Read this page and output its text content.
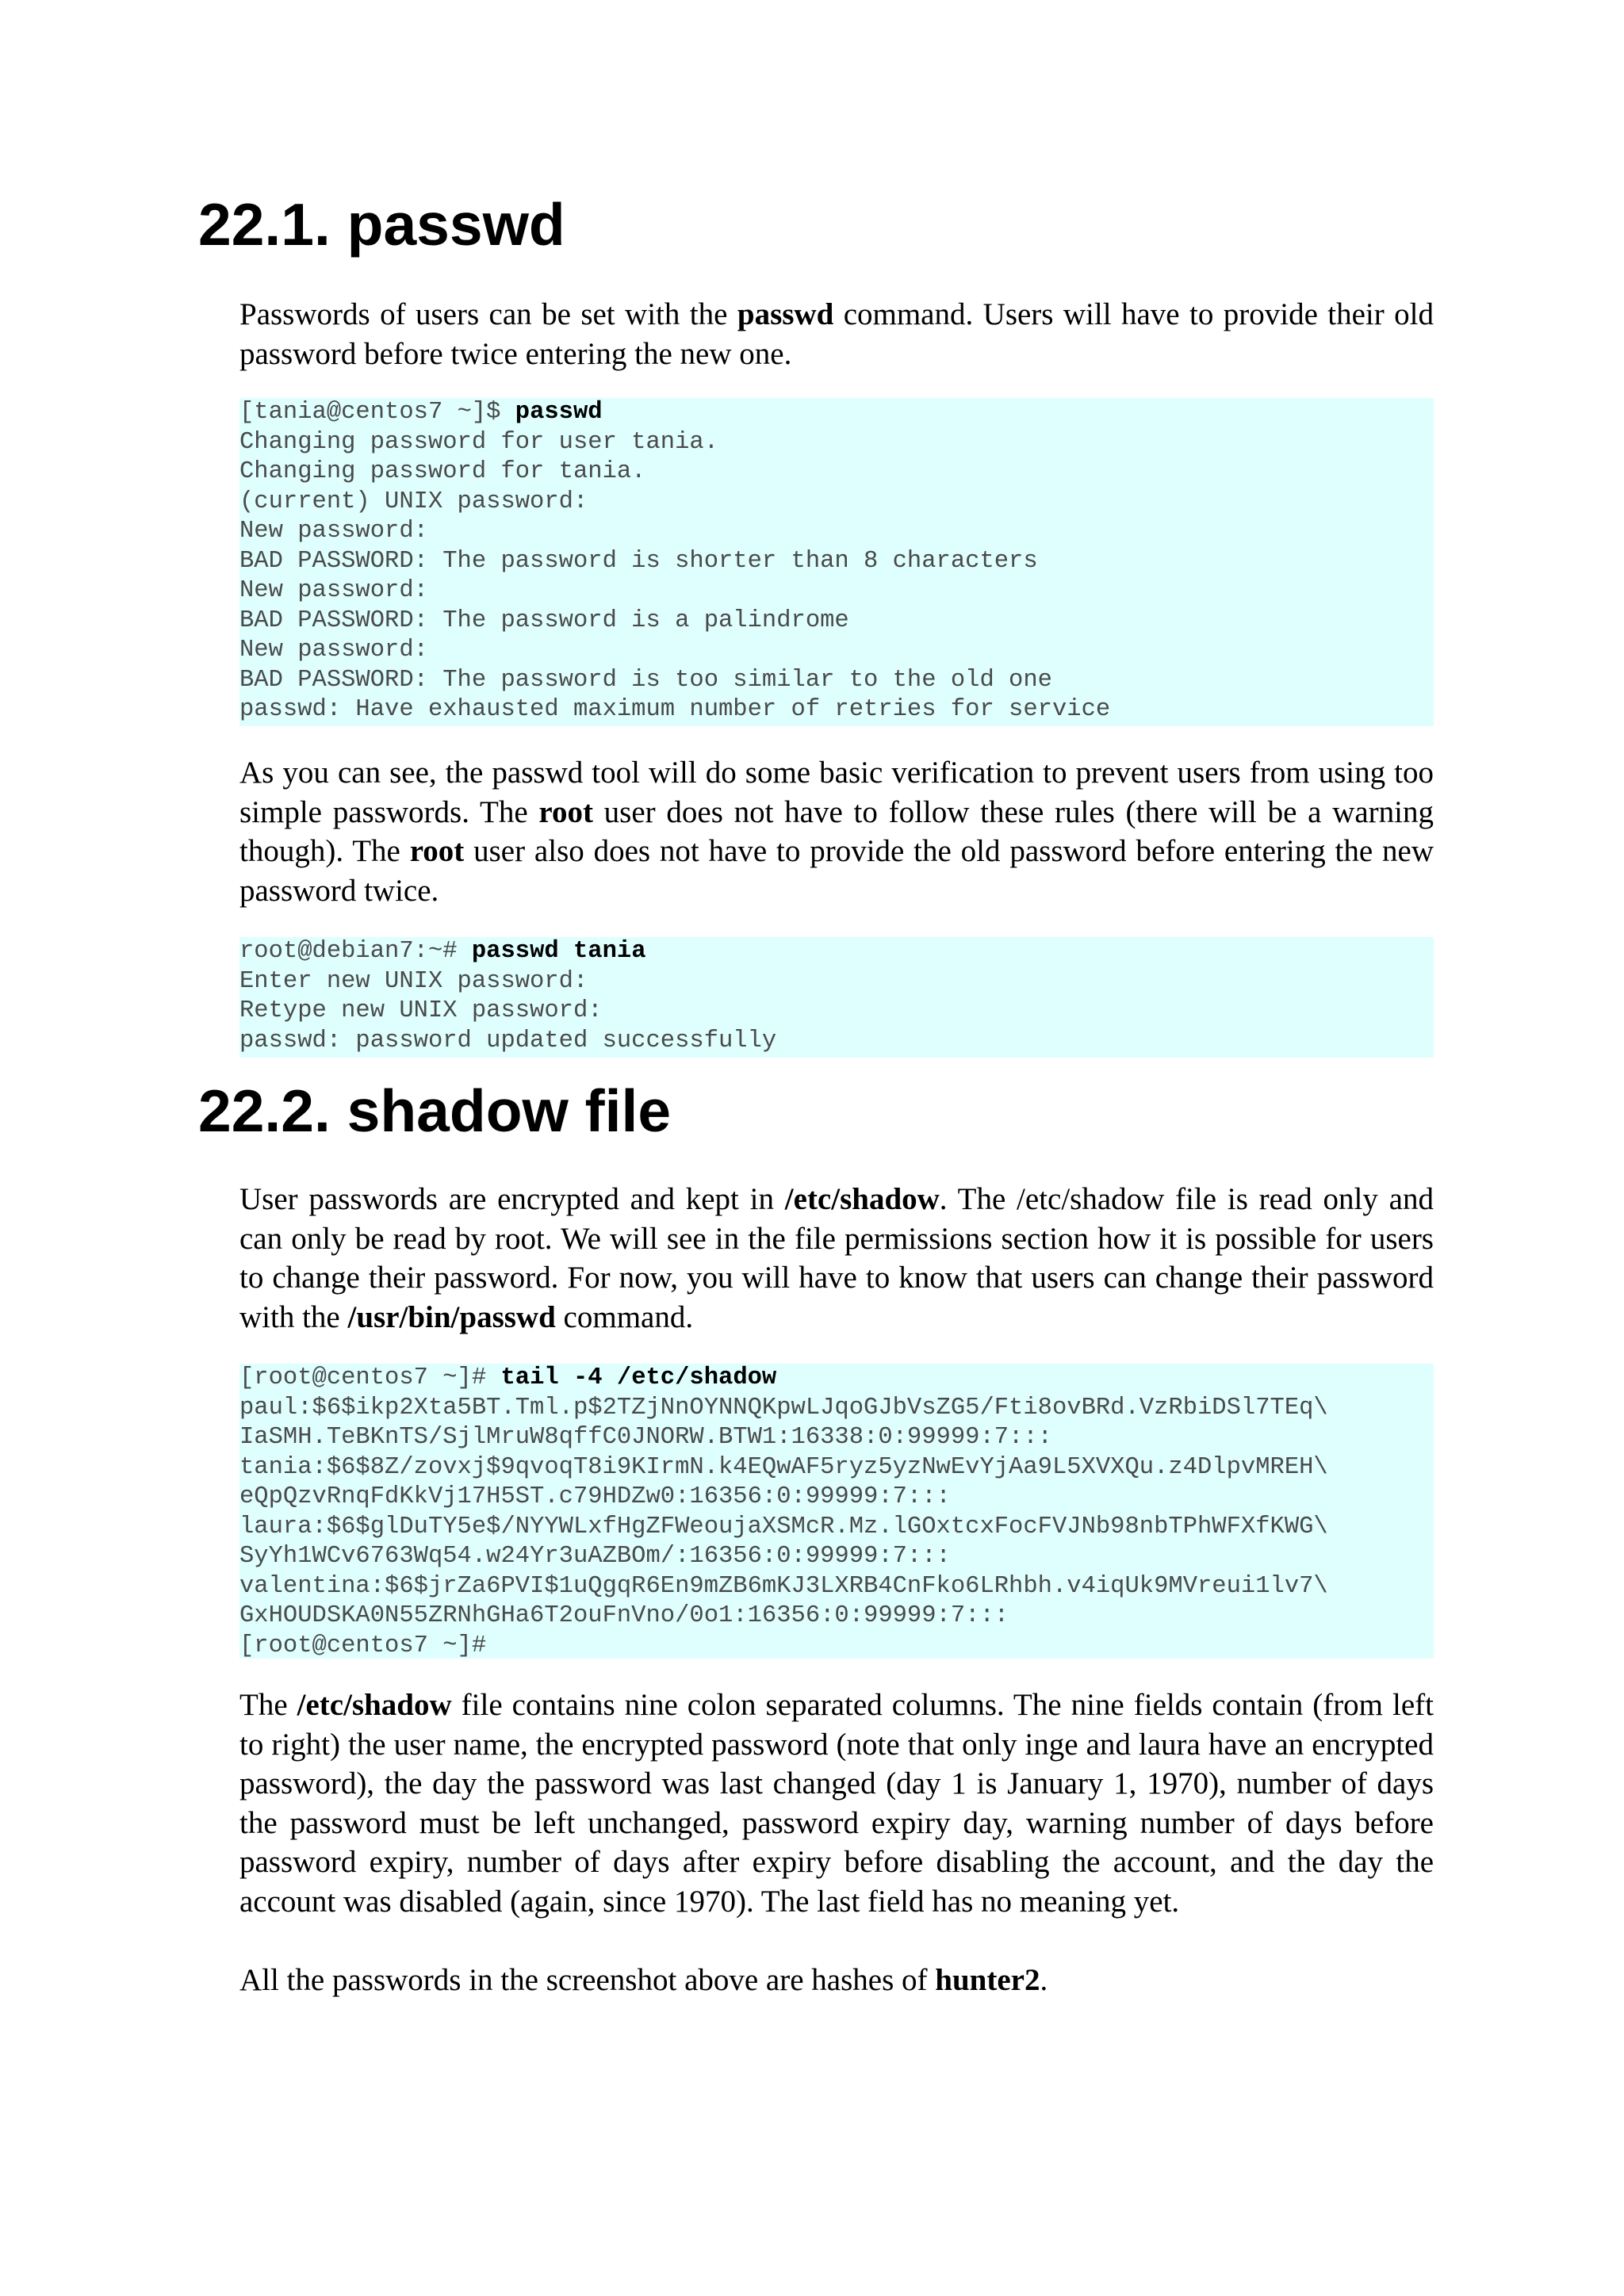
22.1. passwd

Passwords of users can be set with the passwd command. Users will have to provide their old password before twice entering the new one.

[tania@centos7 ~]$ passwd
Changing password for user tania.
Changing password for tania.
(current) UNIX password:
New password:
BAD PASSWORD: The password is shorter than 8 characters
New password:
BAD PASSWORD: The password is a palindrome
New password:
BAD PASSWORD: The password is too similar to the old one
passwd: Have exhausted maximum number of retries for service

As you can see, the passwd tool will do some basic verification to prevent users from using too simple passwords. The root user does not have to follow these rules (there will be a warning though). The root user also does not have to provide the old password before entering the new password twice.

root@debian7:~# passwd tania
Enter new UNIX password:
Retype new UNIX password:
passwd: password updated successfully
22.2. shadow file

User passwords are encrypted and kept in /etc/shadow. The /etc/shadow file is read only and can only be read by root. We will see in the file permissions section how it is possible for users to change their password. For now, you will have to know that users can change their password with the /usr/bin/passwd command.

[root@centos7 ~]# tail -4 /etc/shadow
paul:$6$ikp2Xta5BT.Tml.p$2TZjNnOYNNQKpwLJqoGJbVsZG5/Fti8ovBRd.VzRbiDSl7TEq\
IaSMH.TeBKnTS/SjlMruW8qffC0JNORW.BTW1:16338:0:99999:7:::
tania:$6$8Z/zovxj$9qvoqT8i9KIrmN.k4EQwAF5ryz5yzNwEvYjAa9L5XVXQu.z4DlpvMREH\
eQpQzvRnqFdKkVj17H5ST.c79HDZw0:16356:0:99999:7:::
laura:$6$glDuTY5e$/NYYWLxfHgZFWeoujaXSMcR.Mz.lGOxtcxFocFVJNb98nbTPhWFXfKWG\
SyYh1WCv6763Wq54.w24Yr3uAZBOm/:16356:0:99999:7:::
valentina:$6$jrZa6PVI$1uQgqR6En9mZB6mKJ3LXRB4CnFko6LRhbh.v4iqUk9MVreui1lv7\
GxHOUDSKA0N55ZRNhGHa6T2ouFnVno/0o1:16356:0:99999:7:::
[root@centos7 ~]#

The /etc/shadow file contains nine colon separated columns. The nine fields contain (from left to right) the user name, the encrypted password (note that only inge and laura have an encrypted password), the day the password was last changed (day 1 is January 1, 1970), number of days the password must be left unchanged, password expiry day, warning number of days before password expiry, number of days after expiry before disabling the account, and the day the account was disabled (again, since 1970). The last field has no meaning yet.

All the passwords in the screenshot above are hashes of hunter2.
